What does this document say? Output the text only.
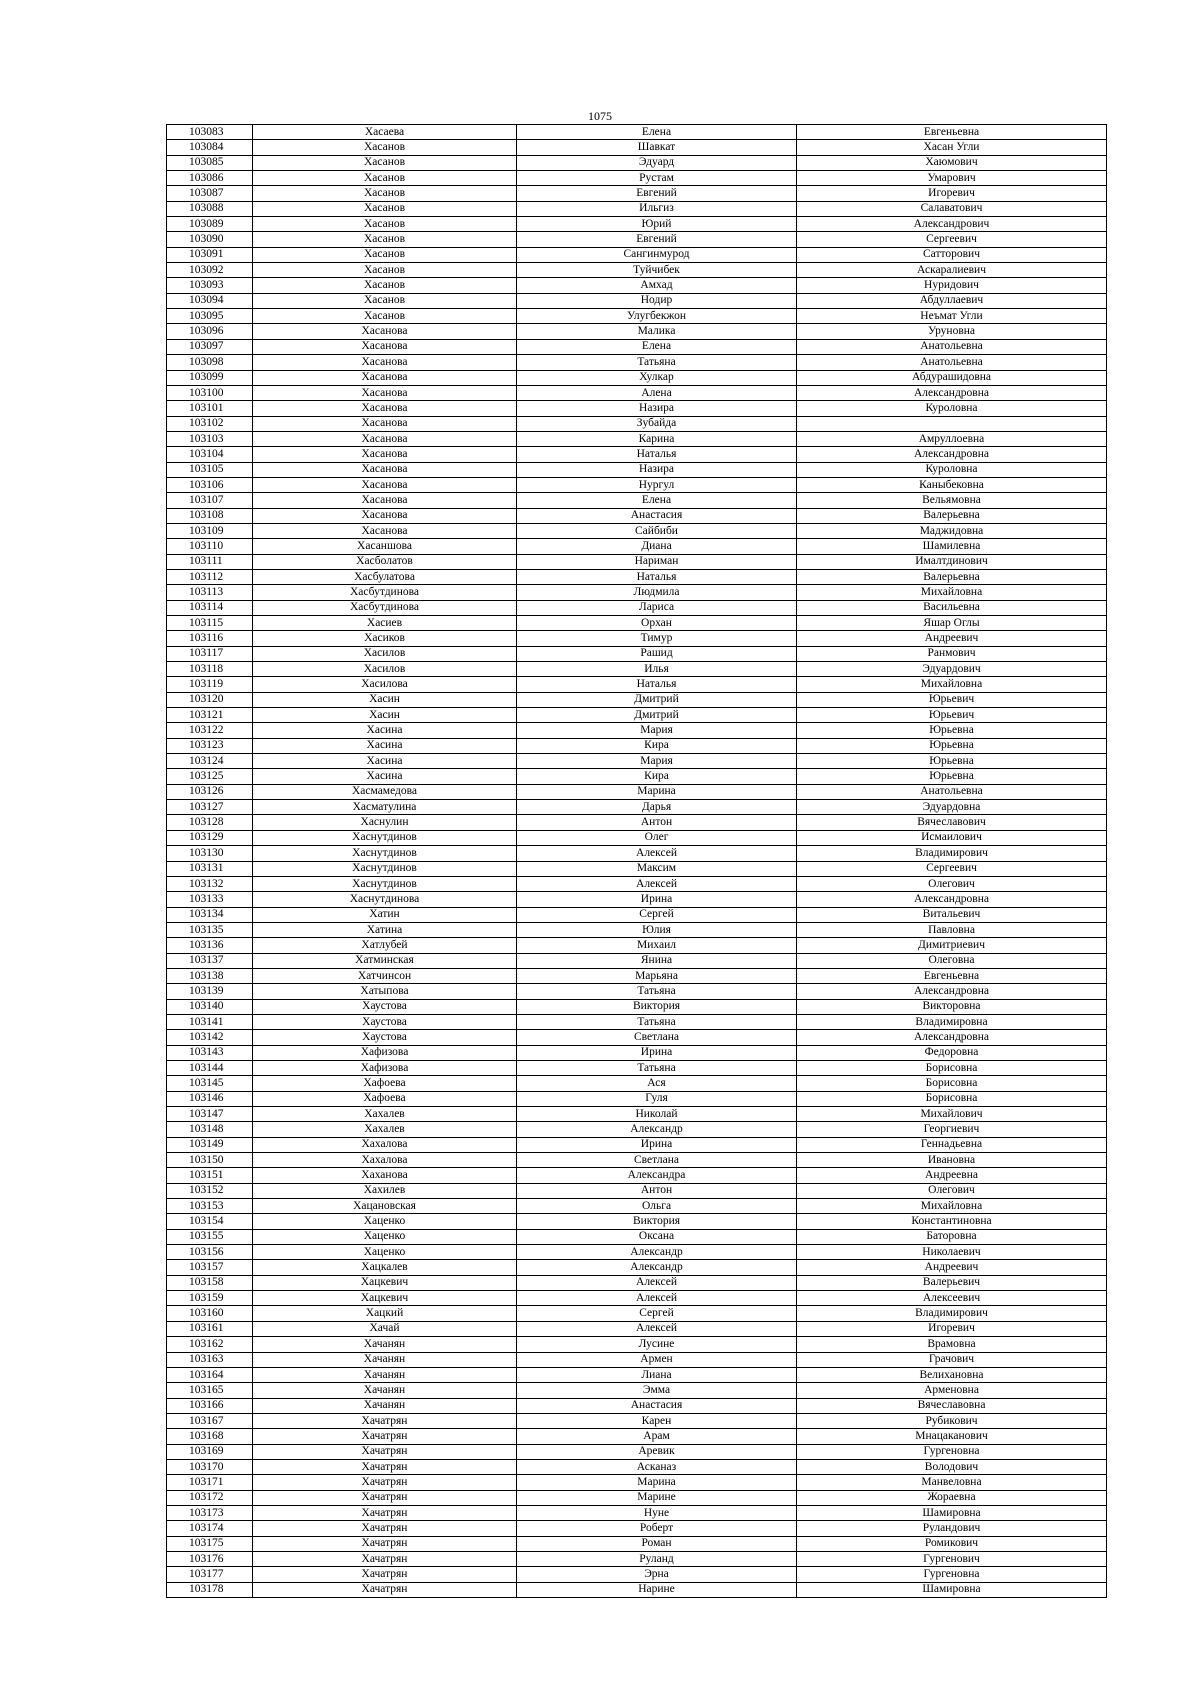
1075
103083	Хасаева	Елена	Евгеньевна
103084	Хасанов	Шавкат	Хасан Угли
103085	Хасанов	Эдуард	Хаюмович
103086	Хасанов	Рустам	Умарович
103087	Хасанов	Евгений	Игоревич
103088	Хасанов	Ильгиз	Салаватович
103089	Хасанов	Юрий	Александрович
103090	Хасанов	Евгений	Сергеевич
103091	Хасанов	Сангинмурод	Сатторович
103092	Хасанов	Туйчибек	Аскаралиевич
103093	Хасанов	Амхад	Нуридович
103094	Хасанов	Нодир	Абдуллаевич
103095	Хасанов	Улугбекжон	Неъмат Угли
103096	Хасанова	Малика	Уруновна
103097	Хасанова	Елена	Анатольевна
103098	Хасанова	Татьяна	Анатольевна
103099	Хасанова	Хулкар	Абдурашидовна
103100	Хасанова	Алена	Александровна
103101	Хасанова	Назира	Куроловна
103102	Хасанова	Зубайда	
103103	Хасанова	Карина	Амруллоевна
103104	Хасанова	Наталья	Александровна
103105	Хасанова	Назира	Куроловна
103106	Хасанова	Нургул	Каныбековна
103107	Хасанова	Елена	Вельямовна
103108	Хасанова	Анастасия	Валерьевна
103109	Хасанова	Сайбиби	Маджидовна
103110	Хасаншова	Диана	Шамилевна
103111	Хасболатов	Нариман	Ималтдинович
103112	Хасбулатова	Наталья	Валерьевна
103113	Хасбутдинова	Людмила	Михайловна
103114	Хасбутдинова	Лариса	Васильевна
103115	Хасиев	Орхан	Яшар Оглы
103116	Хасиков	Тимур	Андреевич
103117	Хасилов	Рашид	Ранмович
103118	Хасилов	Илья	Эдуардович
103119	Хасилова	Наталья	Михайловна
103120	Хасин	Дмитрий	Юрьевич
103121	Хасин	Дмитрий	Юрьевич
103122	Хасина	Мария	Юрьевна
103123	Хасина	Кира	Юрьевна
103124	Хасина	Мария	Юрьевна
103125	Хасина	Кира	Юрьевна
103126	Хасмамедова	Марина	Анатольевна
103127	Хасматулина	Дарья	Эдуардовна
103128	Хаснулин	Антон	Вячеславович
103129	Хаснутдинов	Олег	Исмаилович
103130	Хаснутдинов	Алексей	Владимирович
103131	Хаснутдинов	Максим	Сергеевич
103132	Хаснутдинов	Алексей	Олегович
103133	Хаснутдинова	Ирина	Александровна
103134	Хатин	Сергей	Витальевич
103135	Хатина	Юлия	Павловна
103136	Хатлубей	Михаил	Димитриевич
103137	Хатминская	Янина	Олеговна
103138	Хатчинсон	Марьяна	Евгеньевна
103139	Хатыпова	Татьяна	Александровна
103140	Хаустова	Виктория	Викторовна
103141	Хаустова	Татьяна	Владимировна
103142	Хаустова	Светлана	Александровна
103143	Хафизова	Ирина	Федоровна
103144	Хафизова	Татьяна	Борисовна
103145	Хафоева	Ася	Борисовна
103146	Хафоева	Гуля	Борисовна
103147	Хахалев	Николай	Михайлович
103148	Хахалев	Александр	Георгиевич
103149	Хахалова	Ирина	Геннадьевна
103150	Хахалова	Светлана	Ивановна
103151	Хаханова	Александра	Андреевна
103152	Хахилев	Антон	Олегович
103153	Хацановская	Ольга	Михайловна
103154	Хаценко	Виктория	Константиновна
103155	Хаценко	Оксана	Баторовна
103156	Хаценко	Александр	Николаевич
103157	Хацкалев	Александр	Андреевич
103158	Хацкевич	Алексей	Валерьевич
103159	Хацкевич	Алексей	Алексеевич
103160	Хацкий	Сергей	Владимирович
103161	Хачай	Алексей	Игоревич
103162	Хачанян	Лусине	Врамовна
103163	Хачанян	Армен	Грачович
103164	Хачанян	Лиана	Велихановна
103165	Хачанян	Эмма	Арменовна
103166	Хачанян	Анастасия	Вячеславовна
103167	Хачатрян	Карен	Рубикович
103168	Хачатрян	Арам	Мнацаканович
103169	Хачатрян	Аревик	Гургеновна
103170	Хачатрян	Асканаз	Володович
103171	Хачатрян	Марина	Манвеловна
103172	Хачатрян	Марине	Жораевна
103173	Хачатрян	Нуне	Шамировна
103174	Хачатрян	Роберт	Руландович
103175	Хачатрян	Роман	Ромикович
103176	Хачатрян	Руланд	Гургенович
103177	Хачатрян	Эрна	Гургеновна
103178	Хачатрян	Нарине	Шамировна
